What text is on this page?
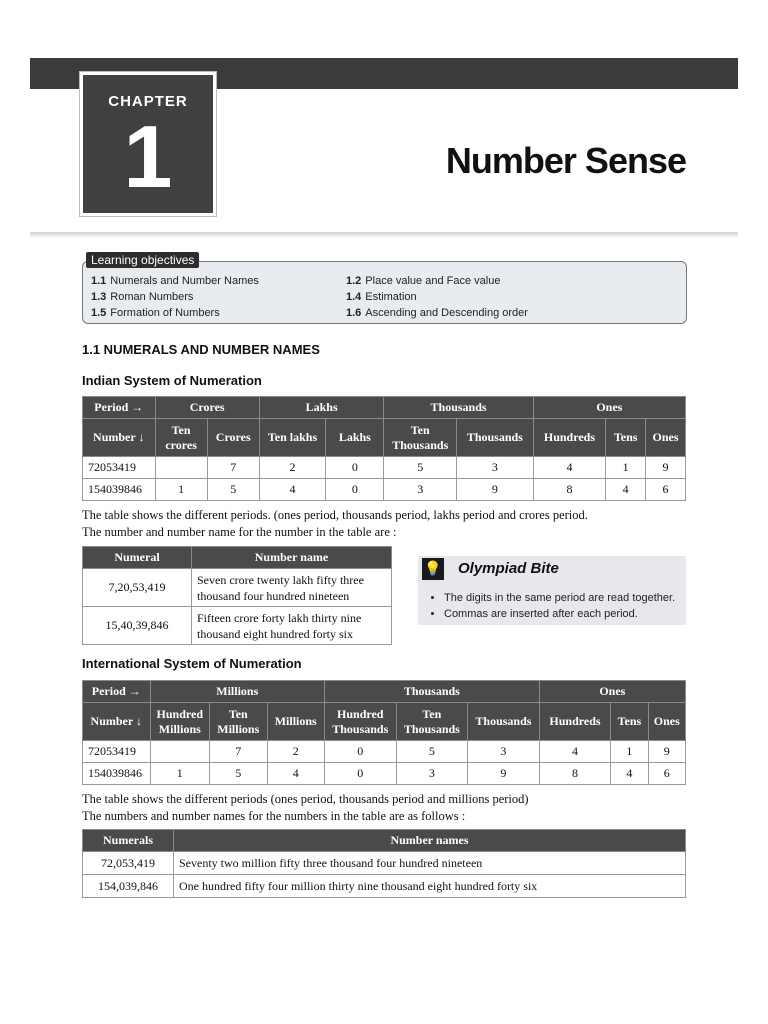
CHAPTER
1	Number Sense
Learning objectives
1.1 Numerals and Number Names	1.2 Place value and Face value
1.3 Roman Numbers	1.4 Estimation
1.5 Formation of Numbers	1.6 Ascending and Descending order
1.1 NUMERALS AND NUMBER NAMES
Indian System of Numeration
Period →	Crores		Lakhs		Thousands		Ones		
Number ↓	Ten crores	Crores	Ten lakhs	Lakhs	Ten Thousands	Thousands	Hundreds	Tens	Ones
72053419		7	2	0	5	3	4	1	9
154039846	1	5	4	0	3	9	8	4	6
The table shows the different periods. (ones period, thousands period, lakhs period and crores period.
The number and number name for the number in the table are :
Numeral	Number name
7,20,53,419	Seven crore twenty lakh fifty three thousand four hundred nineteen
15,40,39,846	Fifteen crore forty lakh thirty nine thousand eight hundred forty six
💡 Olympiad Bite
• The digits in the same period are read together.
• Commas are inserted after each period.
International System of Numeration
Period →	Millions			Thousands			Ones		
Number ↓	Hundred Millions	Ten Millions	Millions	Hundred Thousands	Ten Thousands	Thousands	Hundreds	Tens	Ones
72053419		7	2	0	5	3	4	1	9
154039846	1	5	4	0	3	9	8	4	6
The table shows the different periods (ones period, thousands period and millions period)
The numbers and number names for the numbers in the table are as follows :
Numerals	Number names
72,053,419	Seventy two million fifty three thousand four hundred nineteen
154,039,846	One hundred fifty four million thirty nine thousand eight hundred forty six
